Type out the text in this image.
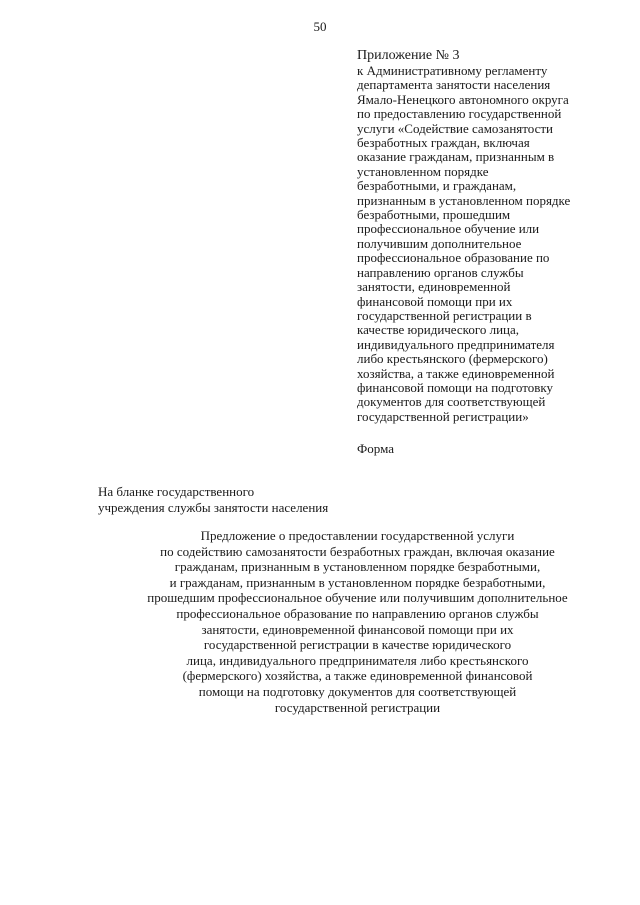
50
Приложение № 3
к Административному регламенту
департамента занятости населения
Ямало-Ненецкого автономного округа
по предоставлению государственной
услуги «Содействие самозанятости
безработных граждан, включая
оказание гражданам, признанным в
установленном порядке
безработными, и гражданам,
признанным в установленном порядке
безработными, прошедшим
профессиональное обучение или
получившим дополнительное
профессиональное образование по
направлению органов службы
занятости, единовременной
финансовой помощи при их
государственной регистрации в
качестве юридического лица,
индивидуального предпринимателя
либо крестьянского (фермерского)
хозяйства, а также единовременной
финансовой помощи на подготовку
документов для соответствующей
государственной регистрации»
Форма
На бланке государственного
учреждения службы занятости населения
Предложение о предоставлении государственной услуги
по содействию самозанятости безработных граждан, включая оказание
гражданам, признанным в установленном порядке безработными,
и гражданам, признанным в установленном порядке безработными,
прошедшим профессиональное обучение или получившим дополнительное
профессиональное образование по направлению органов службы
занятости, единовременной финансовой помощи при их
государственной регистрации в качестве юридического
лица, индивидуального предпринимателя либо крестьянского
(фермерского) хозяйства, а также единовременной финансовой
помощи на подготовку документов для соответствующей
государственной регистрации
